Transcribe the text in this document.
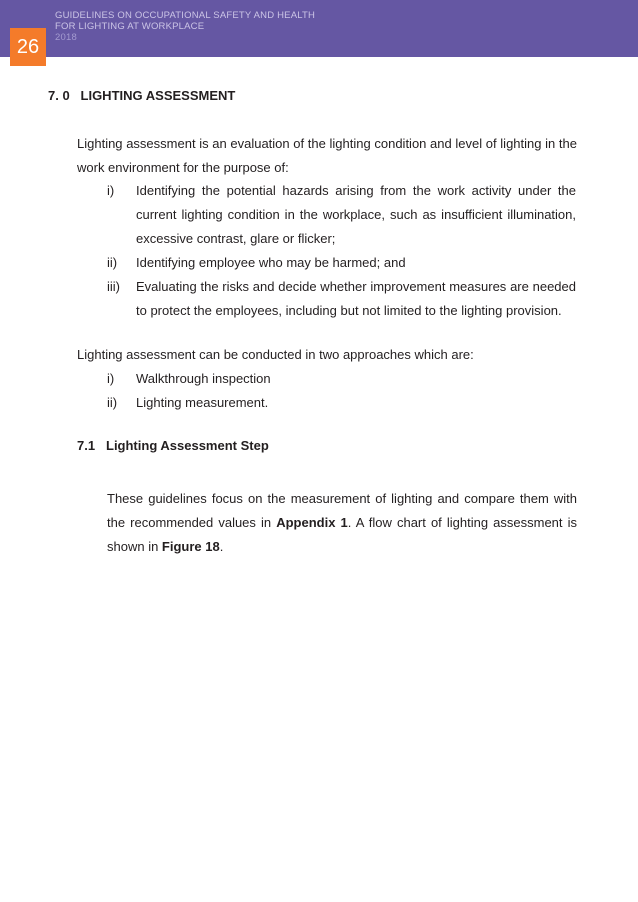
GUIDELINES ON OCCUPATIONAL SAFETY AND HEALTH
FOR LIGHTING AT WORKPLACE
2018
26
7. 0   LIGHTING ASSESSMENT
Lighting assessment is an evaluation of the lighting condition and level of lighting in the work environment for the purpose of:
i)	Identifying the potential hazards arising from the work activity under the current lighting condition in the workplace, such as insufficient illumination, excessive contrast, glare or flicker;
ii)	Identifying employee who may be harmed; and
iii)	Evaluating the risks and decide whether improvement measures are needed to protect the employees, including but not limited to the lighting provision.
Lighting assessment can be conducted in two approaches which are:
i)	Walkthrough inspection
ii)	Lighting measurement.
7.1 Lighting Assessment Step
These guidelines focus on the measurement of lighting and compare them with the recommended values in Appendix 1. A flow chart of lighting assessment is shown in Figure 18.
